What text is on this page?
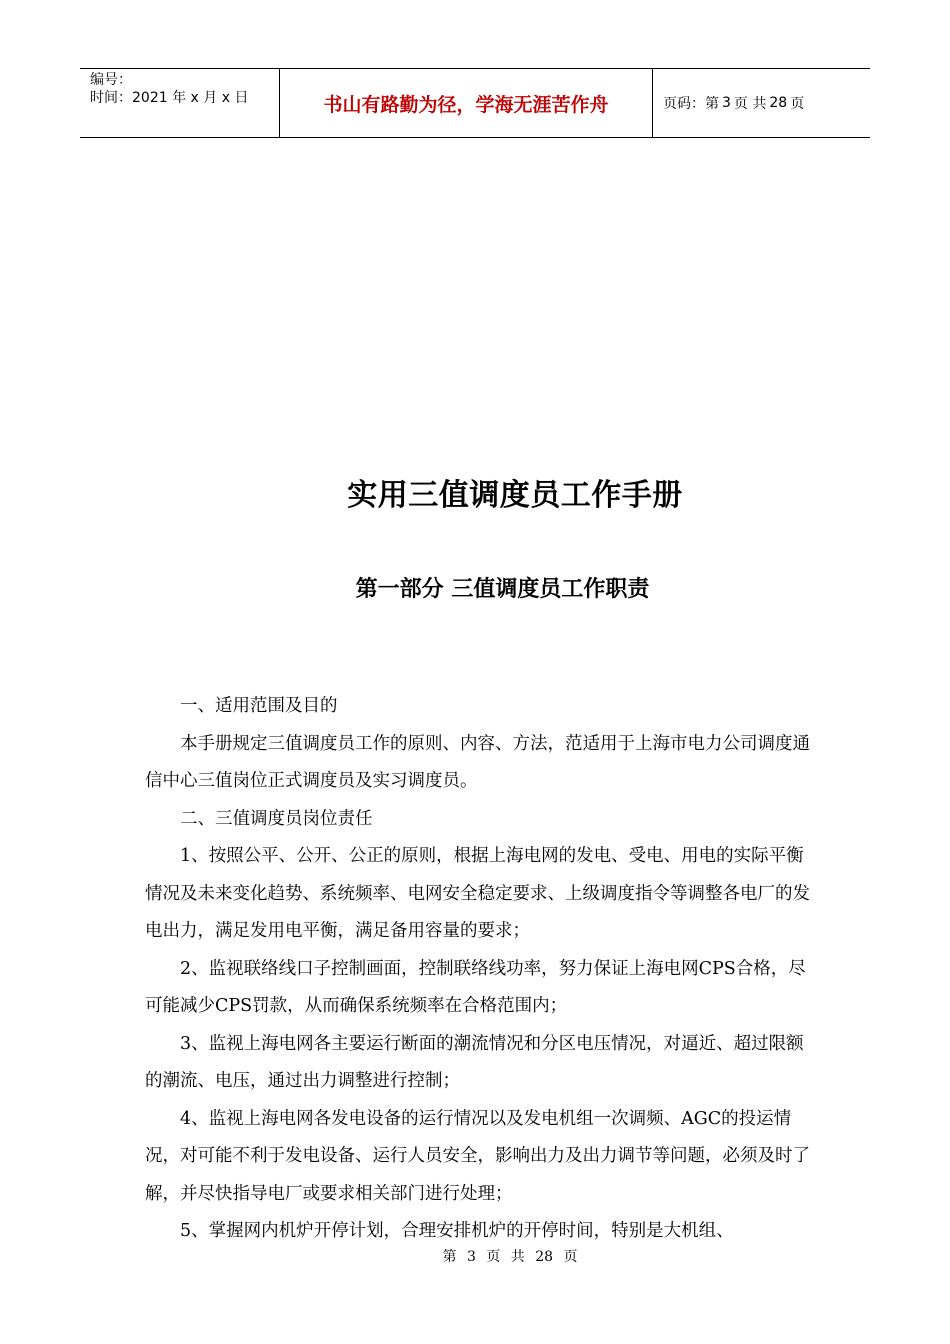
编号：
时间：2021 年 x 月 x 日	书山有路勤为径，学海无涯苦作舟	页码：第 3 页 共 28 页
实用三值调度员工作手册
第一部分 三值调度员工作职责

一、适用范围及目的

本手册规定三值调度员工作的原则、内容、方法，范适用于上海市电力公司调度通信中心三值岗位正式调度员及实习调度员。

二、三值调度员岗位责任

1、按照公平、公开、公正的原则，根据上海电网的发电、受电、用电的实际平衡情况及未来变化趋势、系统频率、电网安全稳定要求、上级调度指令等调整各电厂的发电出力，满足发用电平衡，满足备用容量的要求；

2、监视联络线口子控制画面，控制联络线功率，努力保证上海电网CPS合格，尽可能减少CPS罚款，从而确保系统频率在合格范围内；

3、监视上海电网各主要运行断面的潮流情况和分区电压情况，对逼近、超过限额的潮流、电压，通过出力调整进行控制；

4、监视上海电网各发电设备的运行情况以及发电机组一次调频、AGC的投运情况，对可能不利于发电设备、运行人员安全，影响出力及出力调节等问题，必须及时了解，并尽快指导电厂或要求相关部门进行处理；

5、掌握网内机炉开停计划，合理安排机炉的开停时间，特别是大机组、

第 3 页 共 28 页
